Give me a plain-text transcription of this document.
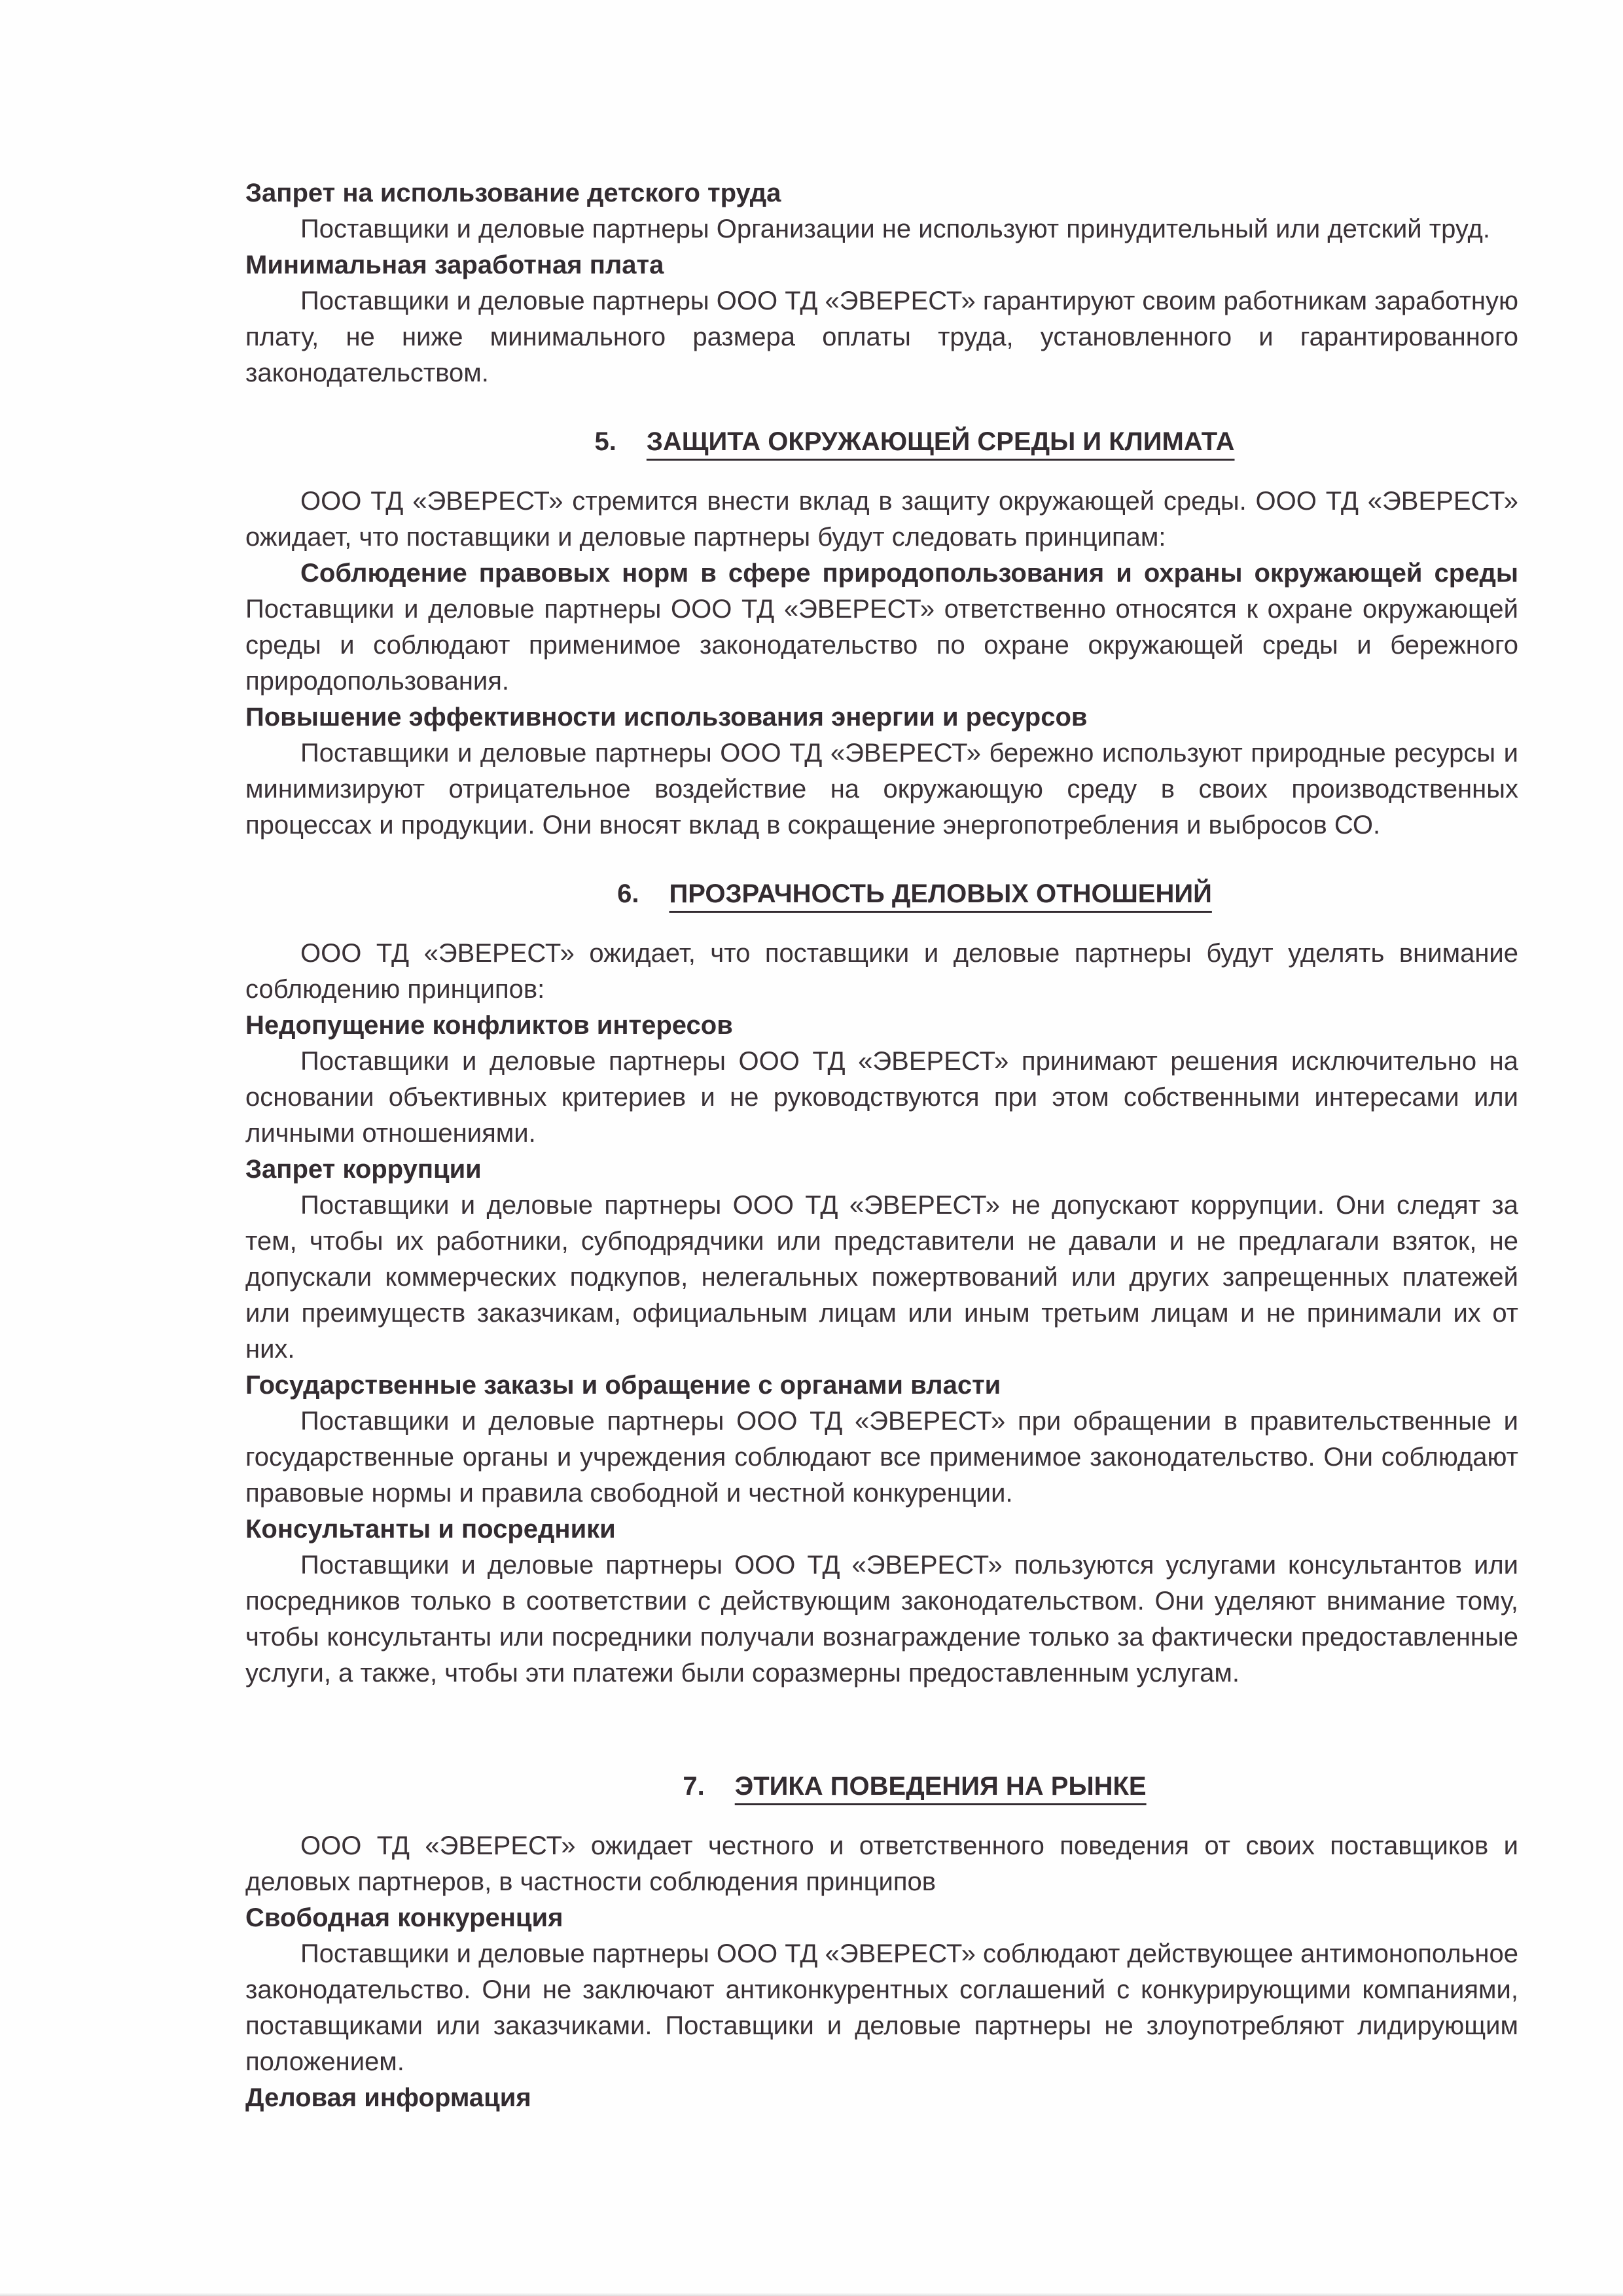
Запрет на использование детского труда

Поставщики и деловые партнеры Организации не используют принудительный или детский труд.

Минимальная заработная плата

Поставщики и деловые партнеры ООО ТД «ЭВЕРЕСТ» гарантируют своим работникам заработную плату, не ниже минимального размера оплаты труда, установленного и гарантированного законодательством.

5. ЗАЩИТА ОКРУЖАЮЩЕЙ СРЕДЫ И КЛИМАТА

ООО ТД «ЭВЕРЕСТ» стремится внести вклад в защиту окружающей среды. ООО ТД «ЭВЕРЕСТ» ожидает, что поставщики и деловые партнеры будут следовать принципам:

Соблюдение правовых норм в сфере природопользования и охраны окружающей среды

Поставщики и деловые партнеры ООО ТД «ЭВЕРЕСТ» ответственно относятся к охране окружающей среды и соблюдают применимое законодательство по охране окружающей среды и бережного природопользования.

Повышение эффективности использования энергии и ресурсов

Поставщики и деловые партнеры ООО ТД «ЭВЕРЕСТ» бережно используют природные ресурсы и минимизируют отрицательное воздействие на окружающую среду в своих производственных процессах и продукции. Они вносят вклад в сокращение энергопотребления и выбросов СО.

6. ПРОЗРАЧНОСТЬ ДЕЛОВЫХ ОТНОШЕНИЙ

ООО ТД «ЭВЕРЕСТ» ожидает, что поставщики и деловые партнеры будут уделять внимание соблюдению принципов:

Недопущение конфликтов интересов

Поставщики и деловые партнеры ООО ТД «ЭВЕРЕСТ» принимают решения исключительно на основании объективных критериев и не руководствуются при этом собственными интересами или личными отношениями.

Запрет коррупции

Поставщики и деловые партнеры ООО ТД «ЭВЕРЕСТ» не допускают коррупции. Они следят за тем, чтобы их работники, субподрядчики или представители не давали и не предлагали взяток, не допускали коммерческих подкупов, нелегальных пожертвований или других запрещенных платежей или преимуществ заказчикам, официальным лицам или иным третьим лицам и не принимали их от них.

Государственные заказы и обращение с органами власти

Поставщики и деловые партнеры ООО ТД «ЭВЕРЕСТ» при обращении в правительственные и государственные органы и учреждения соблюдают все применимое законодательство. Они соблюдают правовые нормы и правила свободной и честной конкуренции.

Консультанты и посредники

Поставщики и деловые партнеры ООО ТД «ЭВЕРЕСТ» пользуются услугами консультантов или посредников только в соответствии с действующим законодательством. Они уделяют внимание тому, чтобы консультанты или посредники получали вознаграждение только за фактически предоставленные услуги, а также, чтобы эти платежи были соразмерны предоставленным услугам.

7. ЭТИКА ПОВЕДЕНИЯ НА РЫНКЕ

ООО ТД «ЭВЕРЕСТ» ожидает честного и ответственного поведения от своих поставщиков и деловых партнеров, в частности соблюдения принципов

Свободная конкуренция

Поставщики и деловые партнеры ООО ТД «ЭВЕРЕСТ» соблюдают действующее антимонопольное законодательство. Они не заключают антиконкурентных соглашений с конкурирующими компаниями, поставщиками или заказчиками. Поставщики и деловые партнеры не злоупотребляют лидирующим положением.

Деловая информация
